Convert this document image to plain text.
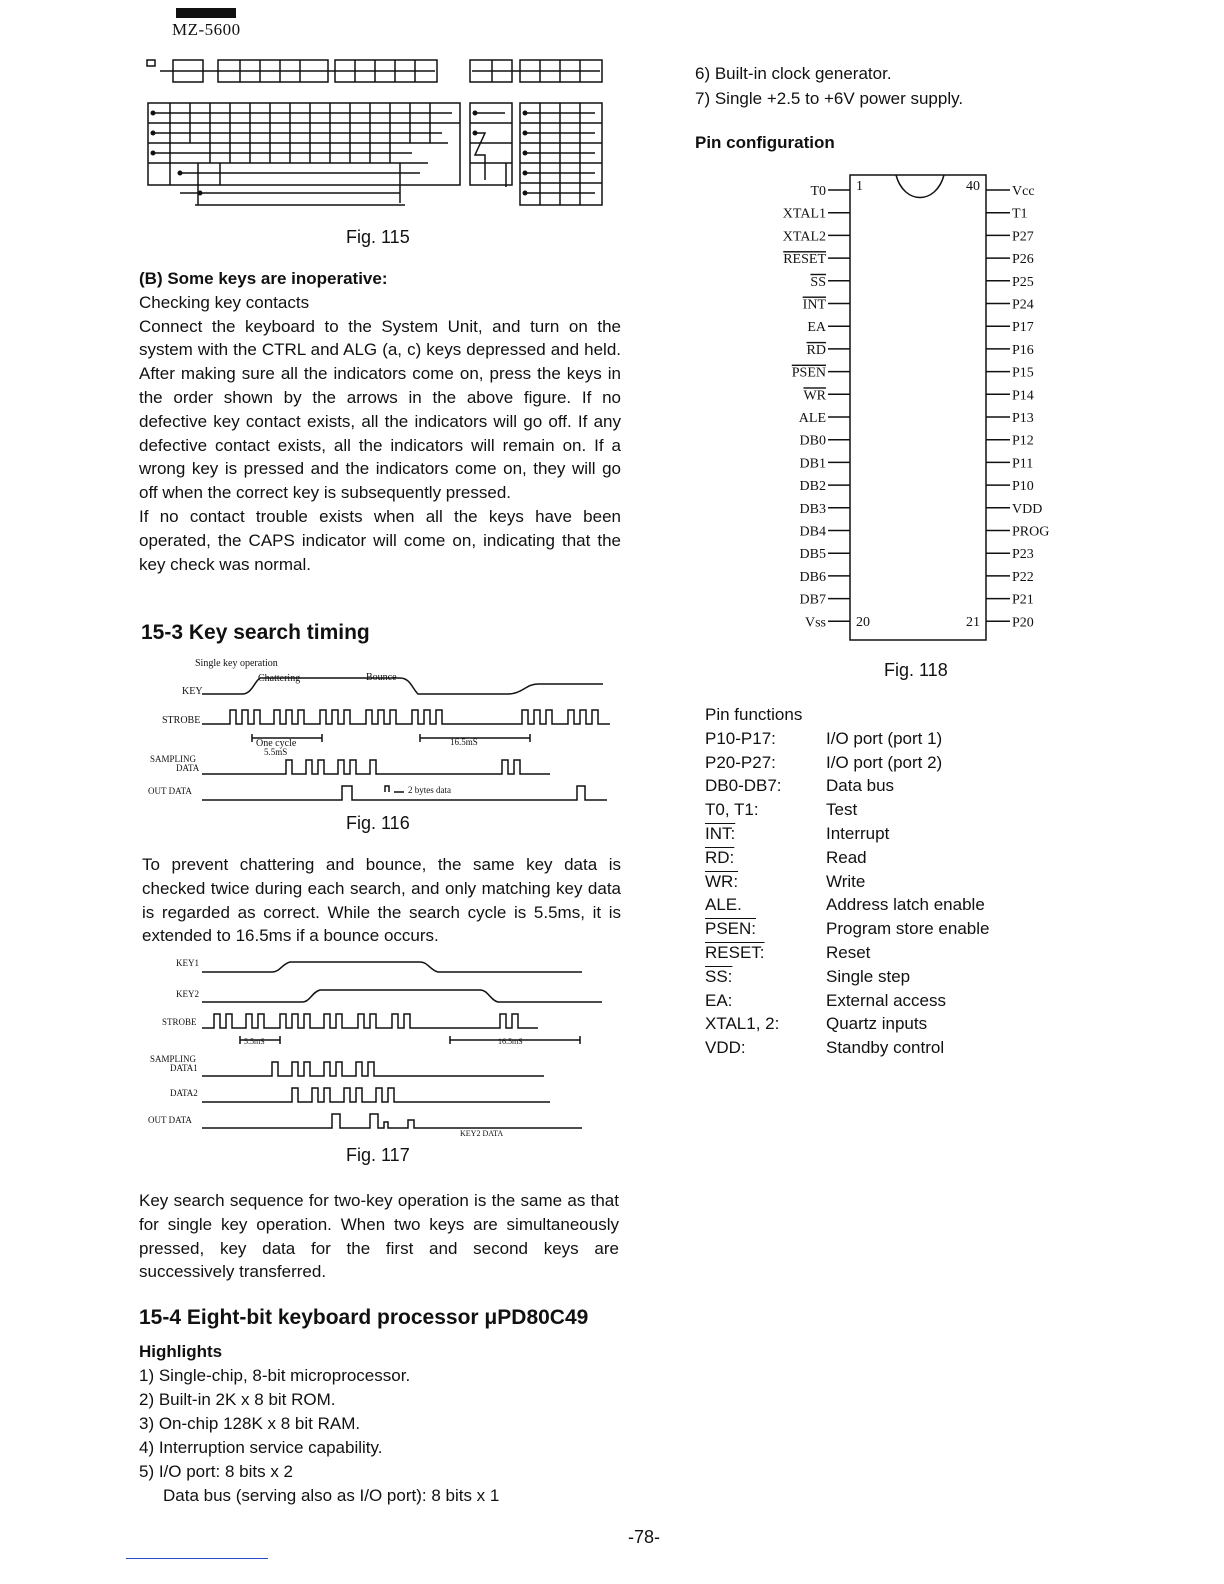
MZ-5600
Fig. 115

(B) Some keys are inoperative:

Checking key contacts

Connect the keyboard to the System Unit, and turn on the system with the CTRL and ALG (a, c) keys depressed and held. After making sure all the indicators come on, press the keys in the order shown by the arrows in the above figure. If no defective key contact exists, all the indicators will go off. If any defective contact exists, all the indicators will remain on. If a wrong key is pressed and the indicators come on, they will go off when the correct key is subsequently pressed.

If no contact trouble exists when all the keys have been operated, the CAPS indicator will come on, indicating that the key check was normal.

15-3 Key search timing
Single key operation
Chattering	Bounce
KEY
STROBE
One cycle
5.5mS
16.5mS
SAMPLING
DATA
OUT DATA	2 bytes data
Fig. 116
To prevent chattering and bounce, the same key data is checked twice during each search, and only matching key data is regarded as correct. While the search cycle is 5.5ms, it is extended to 16.5ms if a bounce occurs.
KEY1
KEY2
STROBE
5.5mS	16.5mS
SAMPLING
DATA1
DATA2
OUT DATA
KEY2 DATA
Fig. 117
Key search sequence for two-key operation is the same as that for single key operation. When two keys are simultaneously pressed, key data for the first and second keys are successively transferred.
15-4 Eight-bit keyboard processor μPD80C49
Highlights
1) Single-chip, 8-bit microprocessor.
2) Built-in 2K x 8 bit ROM.
3) On-chip 128K x 8 bit RAM.
4) Interruption service capability.
5) I/O port: 8 bits x 2
Data bus (serving also as I/O port): 8 bits x 1
6) Built-in clock generator.
7) Single +2.5 to +6V power supply.
Pin configuration
1	40
20	21
T0
XTAL1
XTAL2
RESET
SS
INT
EA
RD
PSEN
WR
ALE
DB0
DB1
DB2
DB3
DB4
DB5
DB6
DB7
Vss
Vcc
T1
P27
P26
P25
P24
P17
P16
P15
P14
P13
P12
P11
P10
VDD
PROG
P23
P22
P21
P20
Fig. 118
Pin functions
P10-P17:	I/O port (port 1)
P20-P27:	I/O port (port 2)
DB0-DB7:	Data bus
T0, T1:	Test
INT:	Interrupt
RD:	Read
WR:	Write
ALE.	Address latch enable
PSEN:	Program store enable
RESET:	Reset
SS:	Single step
EA:	External access
XTAL1, 2:	Quartz inputs
VDD:	Standby control
-78-
